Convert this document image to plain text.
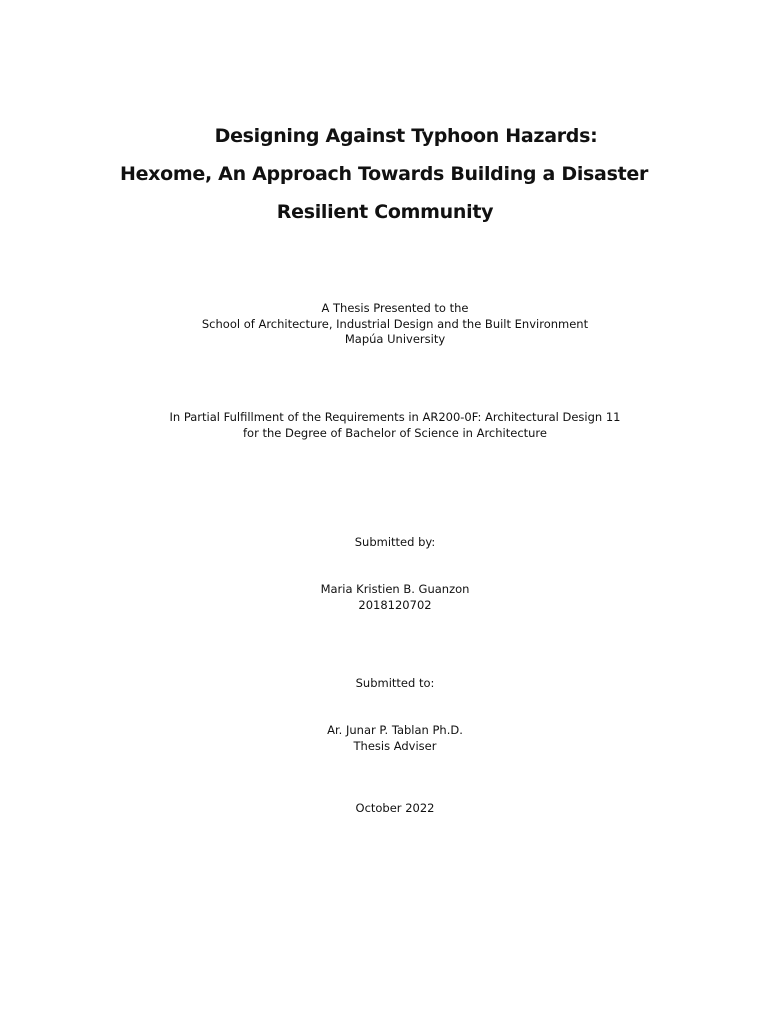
Designing Against Typhoon Hazards:
Hexome, An Approach Towards Building a Disaster
Resilient Community
A Thesis Presented to the
School of Architecture, Industrial Design and the Built Environment
Mapúa University
In Partial Fulfillment of the Requirements in AR200-0F: Architectural Design 11
for the Degree of Bachelor of Science in Architecture
Submitted by:
Maria Kristien B. Guanzon
2018120702
Submitted to:
Ar. Junar P. Tablan Ph.D.
Thesis Adviser
October 2022
